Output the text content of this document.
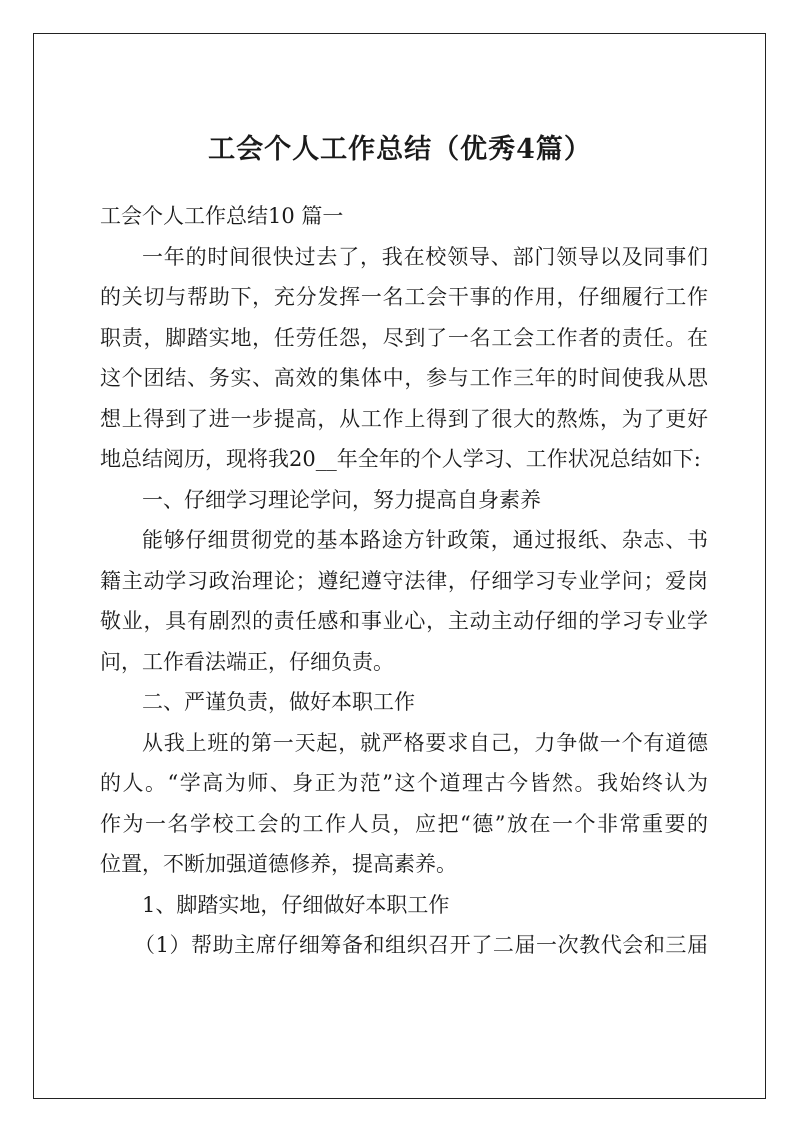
工会个人工作总结（优秀4篇）
工会个人工作总结10 篇一
一年的时间很快过去了，我在校领导、部门领导以及同事们
的关切与帮助下，充分发挥一名工会干事的作用，仔细履行工作
职责，脚踏实地，任劳任怨，尽到了一名工会工作者的责任。在
这个团结、务实、高效的集体中，参与工作三年的时间使我从思
想上得到了进一步提高，从工作上得到了很大的熬炼，为了更好
地总结阅历，现将我20__年全年的个人学习、工作状况总结如下:
一、仔细学习理论学问，努力提高自身素养
能够仔细贯彻党的基本路途方针政策，通过报纸、杂志、书
籍主动学习政治理论；遵纪遵守法律，仔细学习专业学问；爱岗
敬业，具有剧烈的责任感和事业心，主动主动仔细的学习专业学
问，工作看法端正，仔细负责。
二、严谨负责，做好本职工作
从我上班的第一天起，就严格要求自己，力争做一个有道德
的人。“学高为师、身正为范”这个道理古今皆然。我始终认为
作为一名学校工会的工作人员，应把“德”放在一个非常重要的
位置，不断加强道德修养，提高素养。
1、脚踏实地，仔细做好本职工作
（1）帮助主席仔细筹备和组织召开了二届一次教代会和三届
